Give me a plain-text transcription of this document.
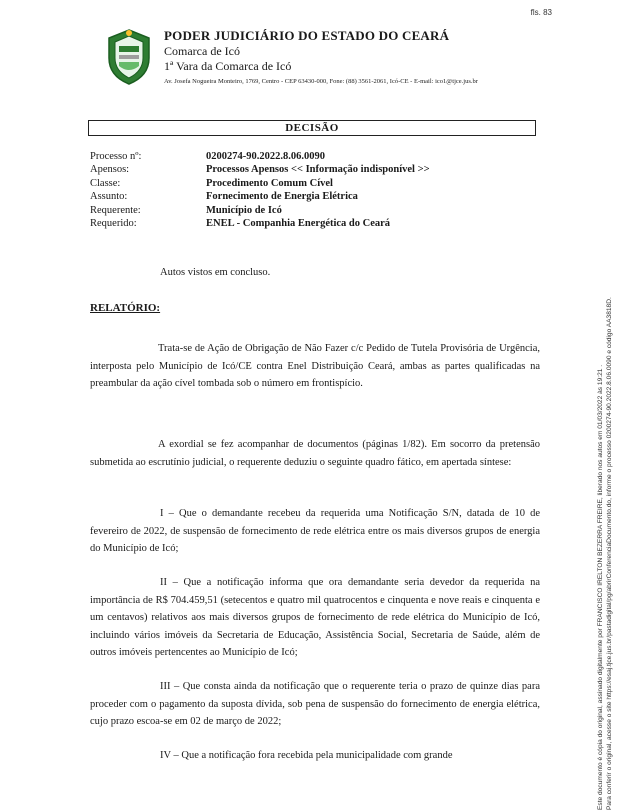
fls. 83
PODER JUDICIÁRIO DO ESTADO DO CEARÁ
Comarca de Icó
1ª Vara da Comarca de Icó
Av. Josefa Nogueira Monteiro, 1769, Centro - CEP 63430-000, Fone: (88) 3561-2061, Icó-CE - E-mail: ico1@tjce.jus.br
DECISÃO
Processo nº:	0200274-90.2022.8.06.0090
Apensos:	Processos Apensos << Informação indisponível >>
Classe:	Procedimento Comum Cível
Assunto:	Fornecimento de Energia Elétrica
Requerente:	Município de Icó
Requerido:	ENEL - Companhia Energética do Ceará
Autos vistos em concluso.
RELATÓRIO:
Trata-se de Ação de Obrigação de Não Fazer c/c Pedido de Tutela Provisória de Urgência, interposta pelo Município de Icó/CE contra Enel Distribuição Ceará, ambas as partes qualificadas na preambular da ação cível tombada sob o número em frontispício.
A exordial se fez acompanhar de documentos (páginas 1/82). Em socorro da pretensão submetida ao escrutínio judicial, o requerente deduziu o seguinte quadro fático, em apertada síntese:
I – Que o demandante recebeu da requerida uma Notificação S/N, datada de 10 de fevereiro de 2022, de suspensão de fornecimento de rede elétrica entre os mais diversos grupos de energia do Município de Icó;
II – Que a notificação informa que ora demandante seria devedor da requerida na importância de R$ 704.459,51 (setecentos e quatro mil quatrocentos e cinquenta e nove reais e cinquenta e um centavos) relativos aos mais diversos grupos de fornecimento de rede elétrica do Município de Icó, incluindo vários imóveis da Secretaria de Educação, Assistência Social, Secretaria de Saúde, além de outros imóveis pertencentes ao Município de Icó;
III – Que consta ainda da notificação que o requerente teria o prazo de quinze dias para proceder com o pagamento da suposta dívida, sob pena de suspensão do fornecimento de energia elétrica, cujo prazo escoa-se em 02 de março de 2022;
IV – Que a notificação fora recebida pela municipalidade com grande	Este documento é cópia do original, assinado digitalmente por FRANCISCO IRELTON BEZERRA FREIRE, liberado nos autos em 01/03/2022 às 19:21 . Para conferir o original, acesse o site https://esaj.tjce.jus.br/pastadigital/pg/abrirConferenciaDocumento.do, informe o processo 0200274-90.2022.8.06.0090 e código AA3818D.
